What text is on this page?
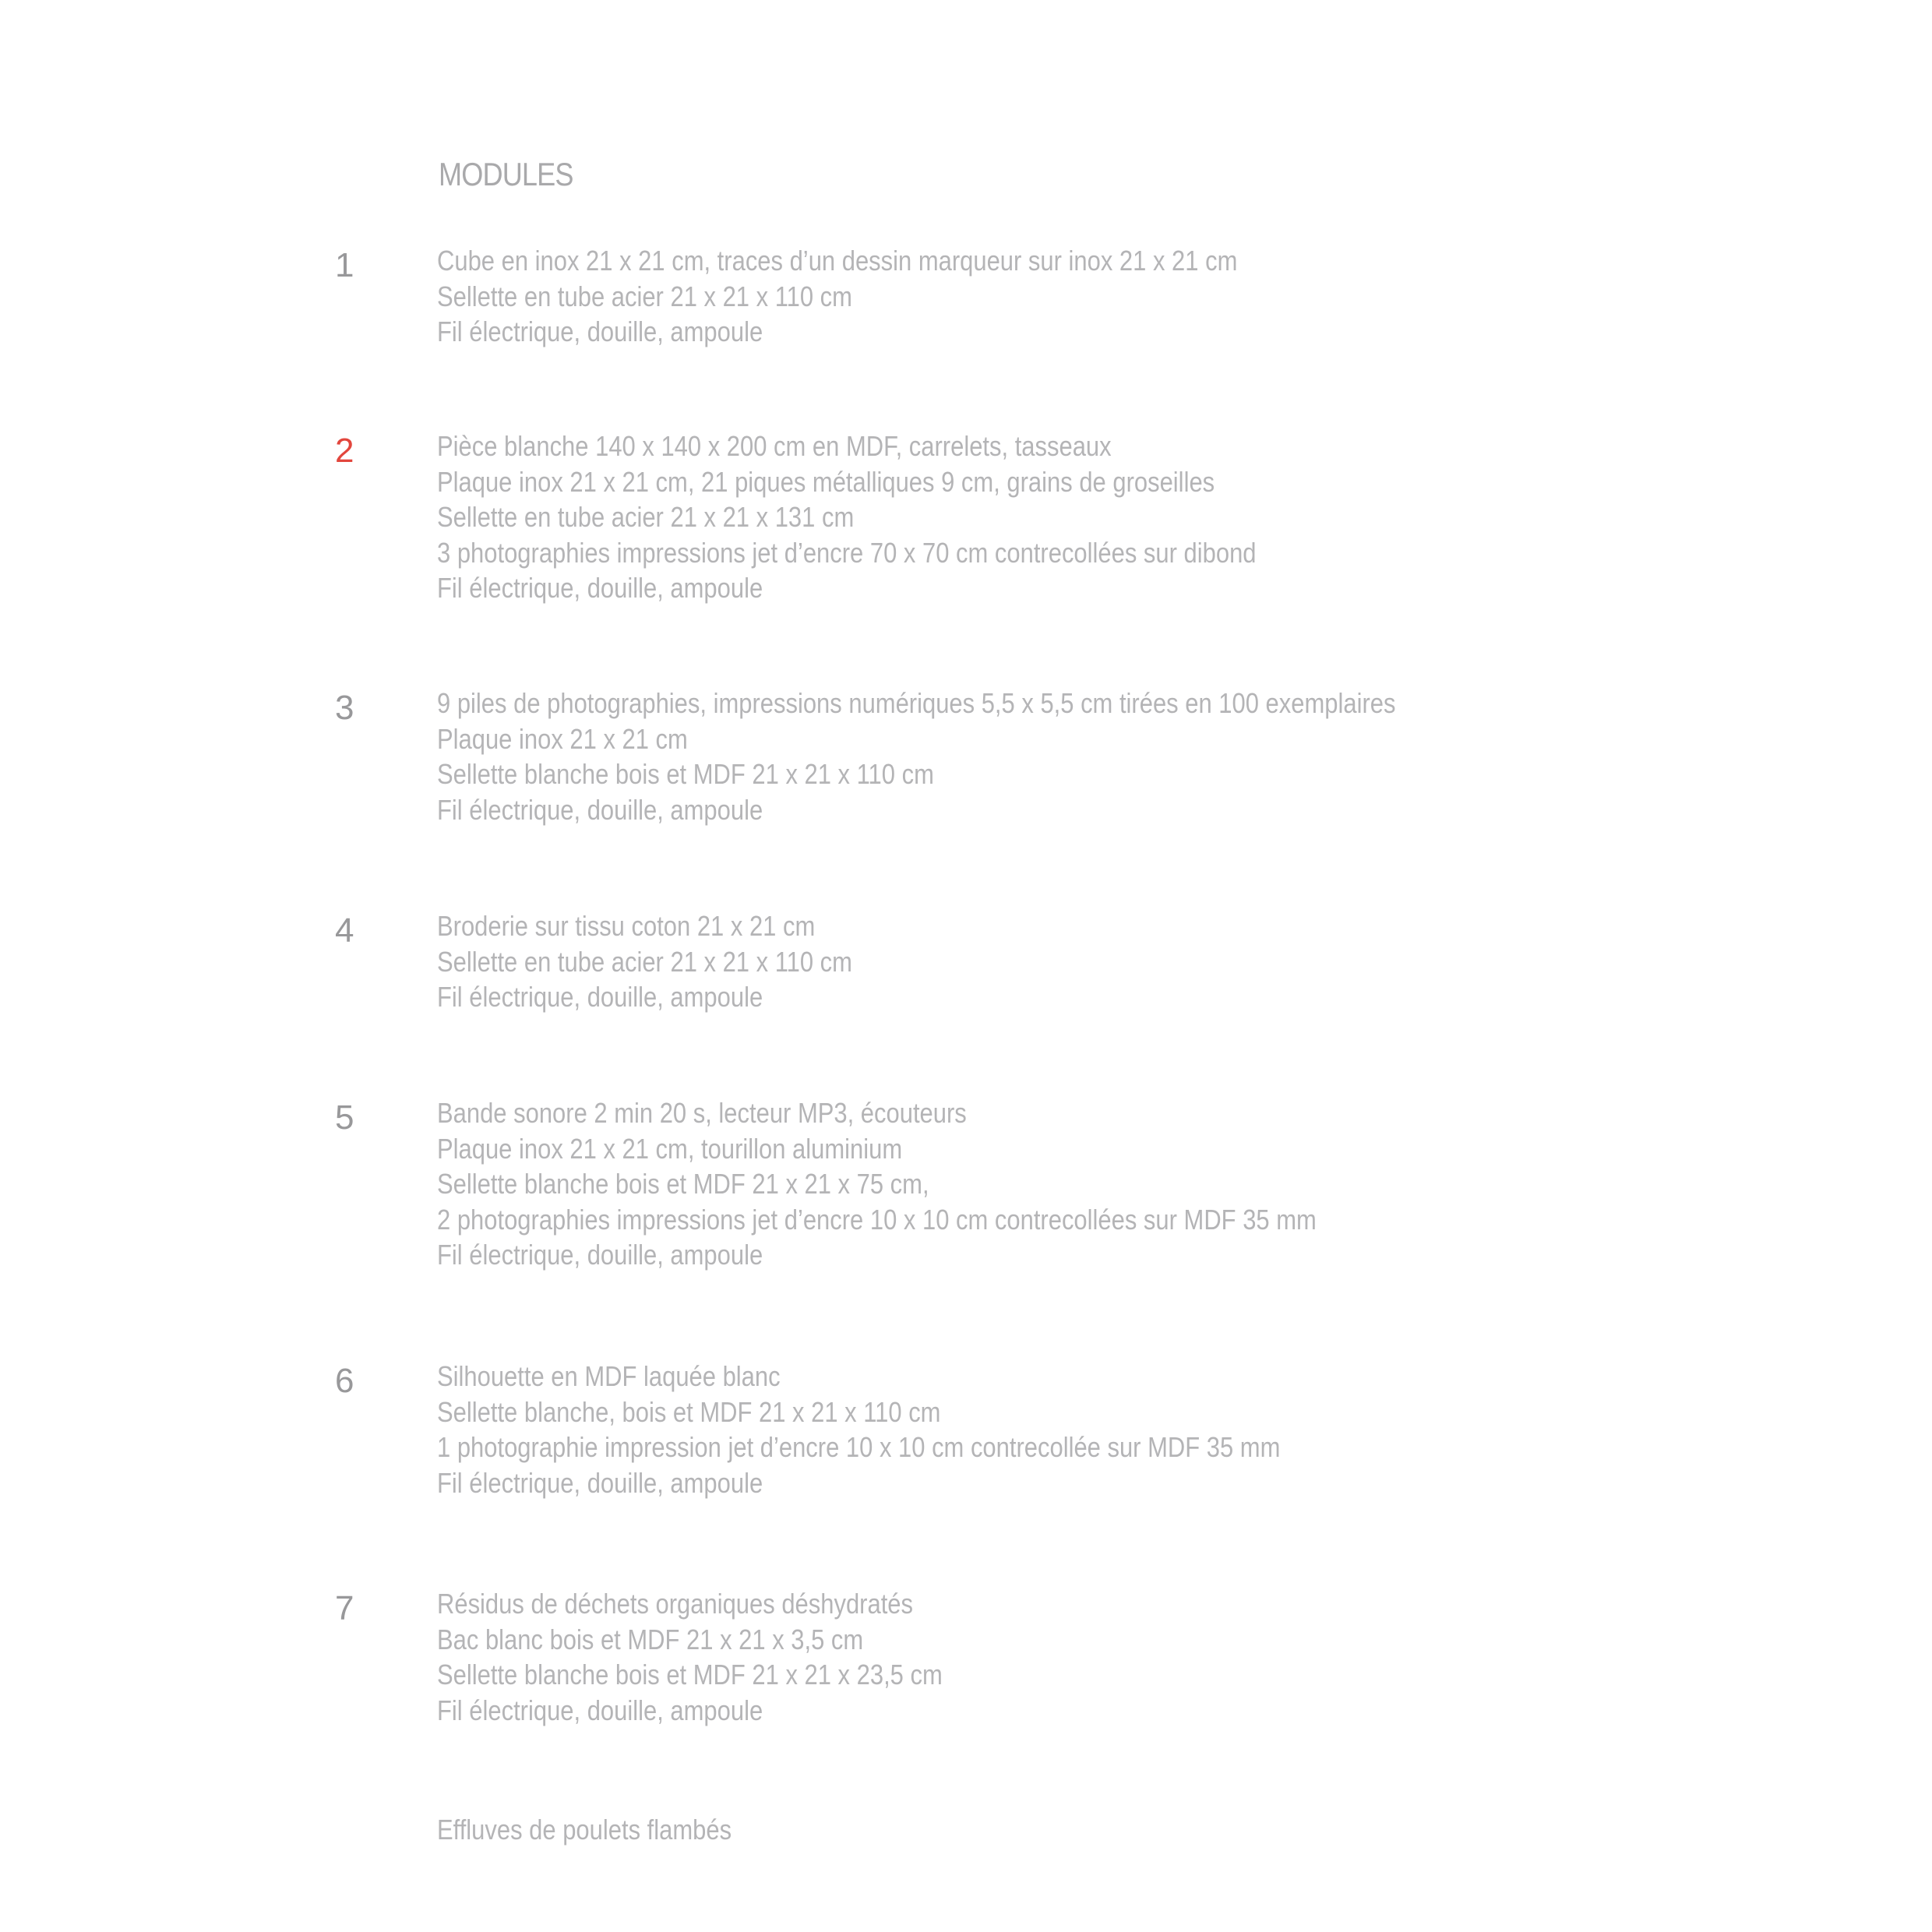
MODULES
1	Cube en inox 21 x 21 cm, traces d’un dessin marqueur sur inox 21 x 21 cm
Sellette en tube acier 21 x 21 x 110 cm
Fil électrique, douille, ampoule
2	Pièce blanche 140 x 140 x 200 cm en MDF, carrelets, tasseaux
Plaque inox 21 x 21 cm, 21 piques métalliques 9 cm, grains de groseilles
Sellette en tube acier 21 x 21 x 131 cm
3 photographies impressions jet d’encre 70 x 70 cm contrecollées sur dibond
Fil électrique, douille, ampoule
3	9 piles de photographies, impressions numériques 5,5 x 5,5 cm tirées en 100 exemplaires
Plaque inox 21 x 21 cm
Sellette blanche bois et MDF 21 x 21 x 110 cm
Fil électrique, douille, ampoule
4	Broderie sur tissu coton 21 x 21 cm
Sellette en tube acier 21 x 21 x 110 cm
Fil électrique, douille, ampoule
5	Bande sonore 2 min 20 s, lecteur MP3, écouteurs
Plaque inox 21 x 21 cm, tourillon aluminium
Sellette blanche bois et MDF 21 x 21 x 75 cm,
2 photographies impressions jet d’encre 10 x 10 cm contrecollées sur MDF 35 mm
Fil électrique, douille, ampoule
6	Silhouette en MDF laquée blanc
Sellette blanche, bois et MDF 21 x 21 x 110 cm
1 photographie impression jet d’encre 10 x 10 cm contrecollée sur MDF 35 mm
Fil électrique, douille, ampoule
7	Résidus de déchets organiques déshydratés
Bac blanc bois et MDF 21 x 21 x 3,5 cm
Sellette blanche bois et MDF 21 x 21 x 23,5 cm
Fil électrique, douille, ampoule
Effluves de poulets flambés
